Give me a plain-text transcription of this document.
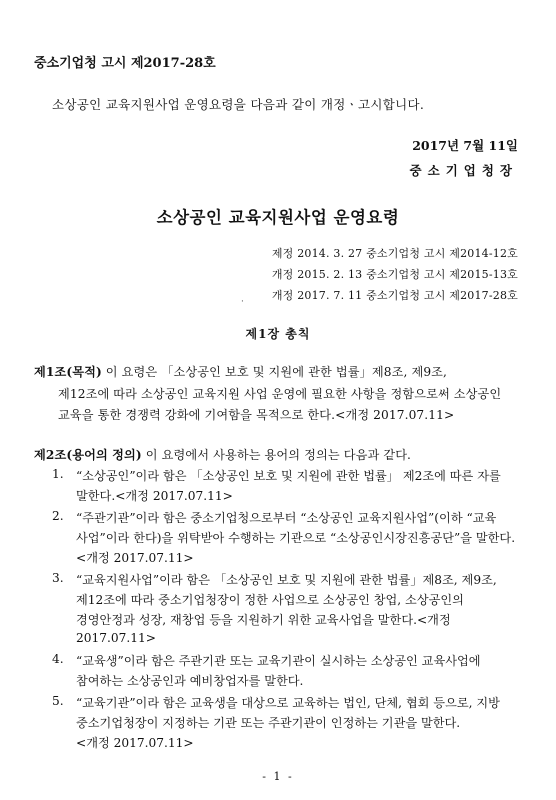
중소기업청 고시 제2017-28호
소상공인 교육지원사업 운영요령을 다음과 같이 개정ㆍ고시합니다.
2017년 7월 11일
중소기업청장
소상공인 교육지원사업 운영요령
제정 2014. 3. 27 중소기업청 고시 제2014-12호
개정 2015. 2. 13 중소기업청 고시 제2015-13호
개정 2017. 7. 11 중소기업청 고시 제2017-28호
·
제1장 총칙
제1조(목적) 이 요령은 「소상공인 보호 및 지원에 관한 법률」제8조, 제9조,
제12조에 따라 소상공인 교육지원 사업 운영에 필요한 사항을 정함으로써 소상공인
교육을 통한 경쟁력 강화에 기여함을 목적으로 한다.<개정 2017.07.11>
제2조(용어의 정의) 이 요령에서 사용하는 용어의 정의는 다음과 같다.
1. “소상공인”이라 함은 「소상공인 보호 및 지원에 관한 법률」 제2조에 따른 자를
말한다.<개정 2017.07.11>
2. “주관기관”이라 함은 중소기업청으로부터 “소상공인 교육지원사업”(이하 “교육
사업”이라 한다)을 위탁받아 수행하는 기관으로 “소상공인시장진흥공단”을 말한다.
<개정 2017.07.11>
3. “교육지원사업”이라 함은 「소상공인 보호 및 지원에 관한 법률」제8조, 제9조,
제12조에 따라 중소기업청장이 정한 사업으로 소상공인 창업, 소상공인의
경영안정과 성장, 재창업 등을 지원하기 위한 교육사업을 말한다.<개정
2017.07.11>
4. “교육생”이라 함은 주관기관 또는 교육기관이 실시하는 소상공인 교육사업에
참여하는 소상공인과 예비창업자를 말한다.
5. “교육기관”이라 함은 교육생을 대상으로 교육하는 법인, 단체, 협회 등으로, 지방
중소기업청장이 지정하는 기관 또는 주관기관이 인정하는 기관을 말한다.
<개정 2017.07.11>
- 1 -
